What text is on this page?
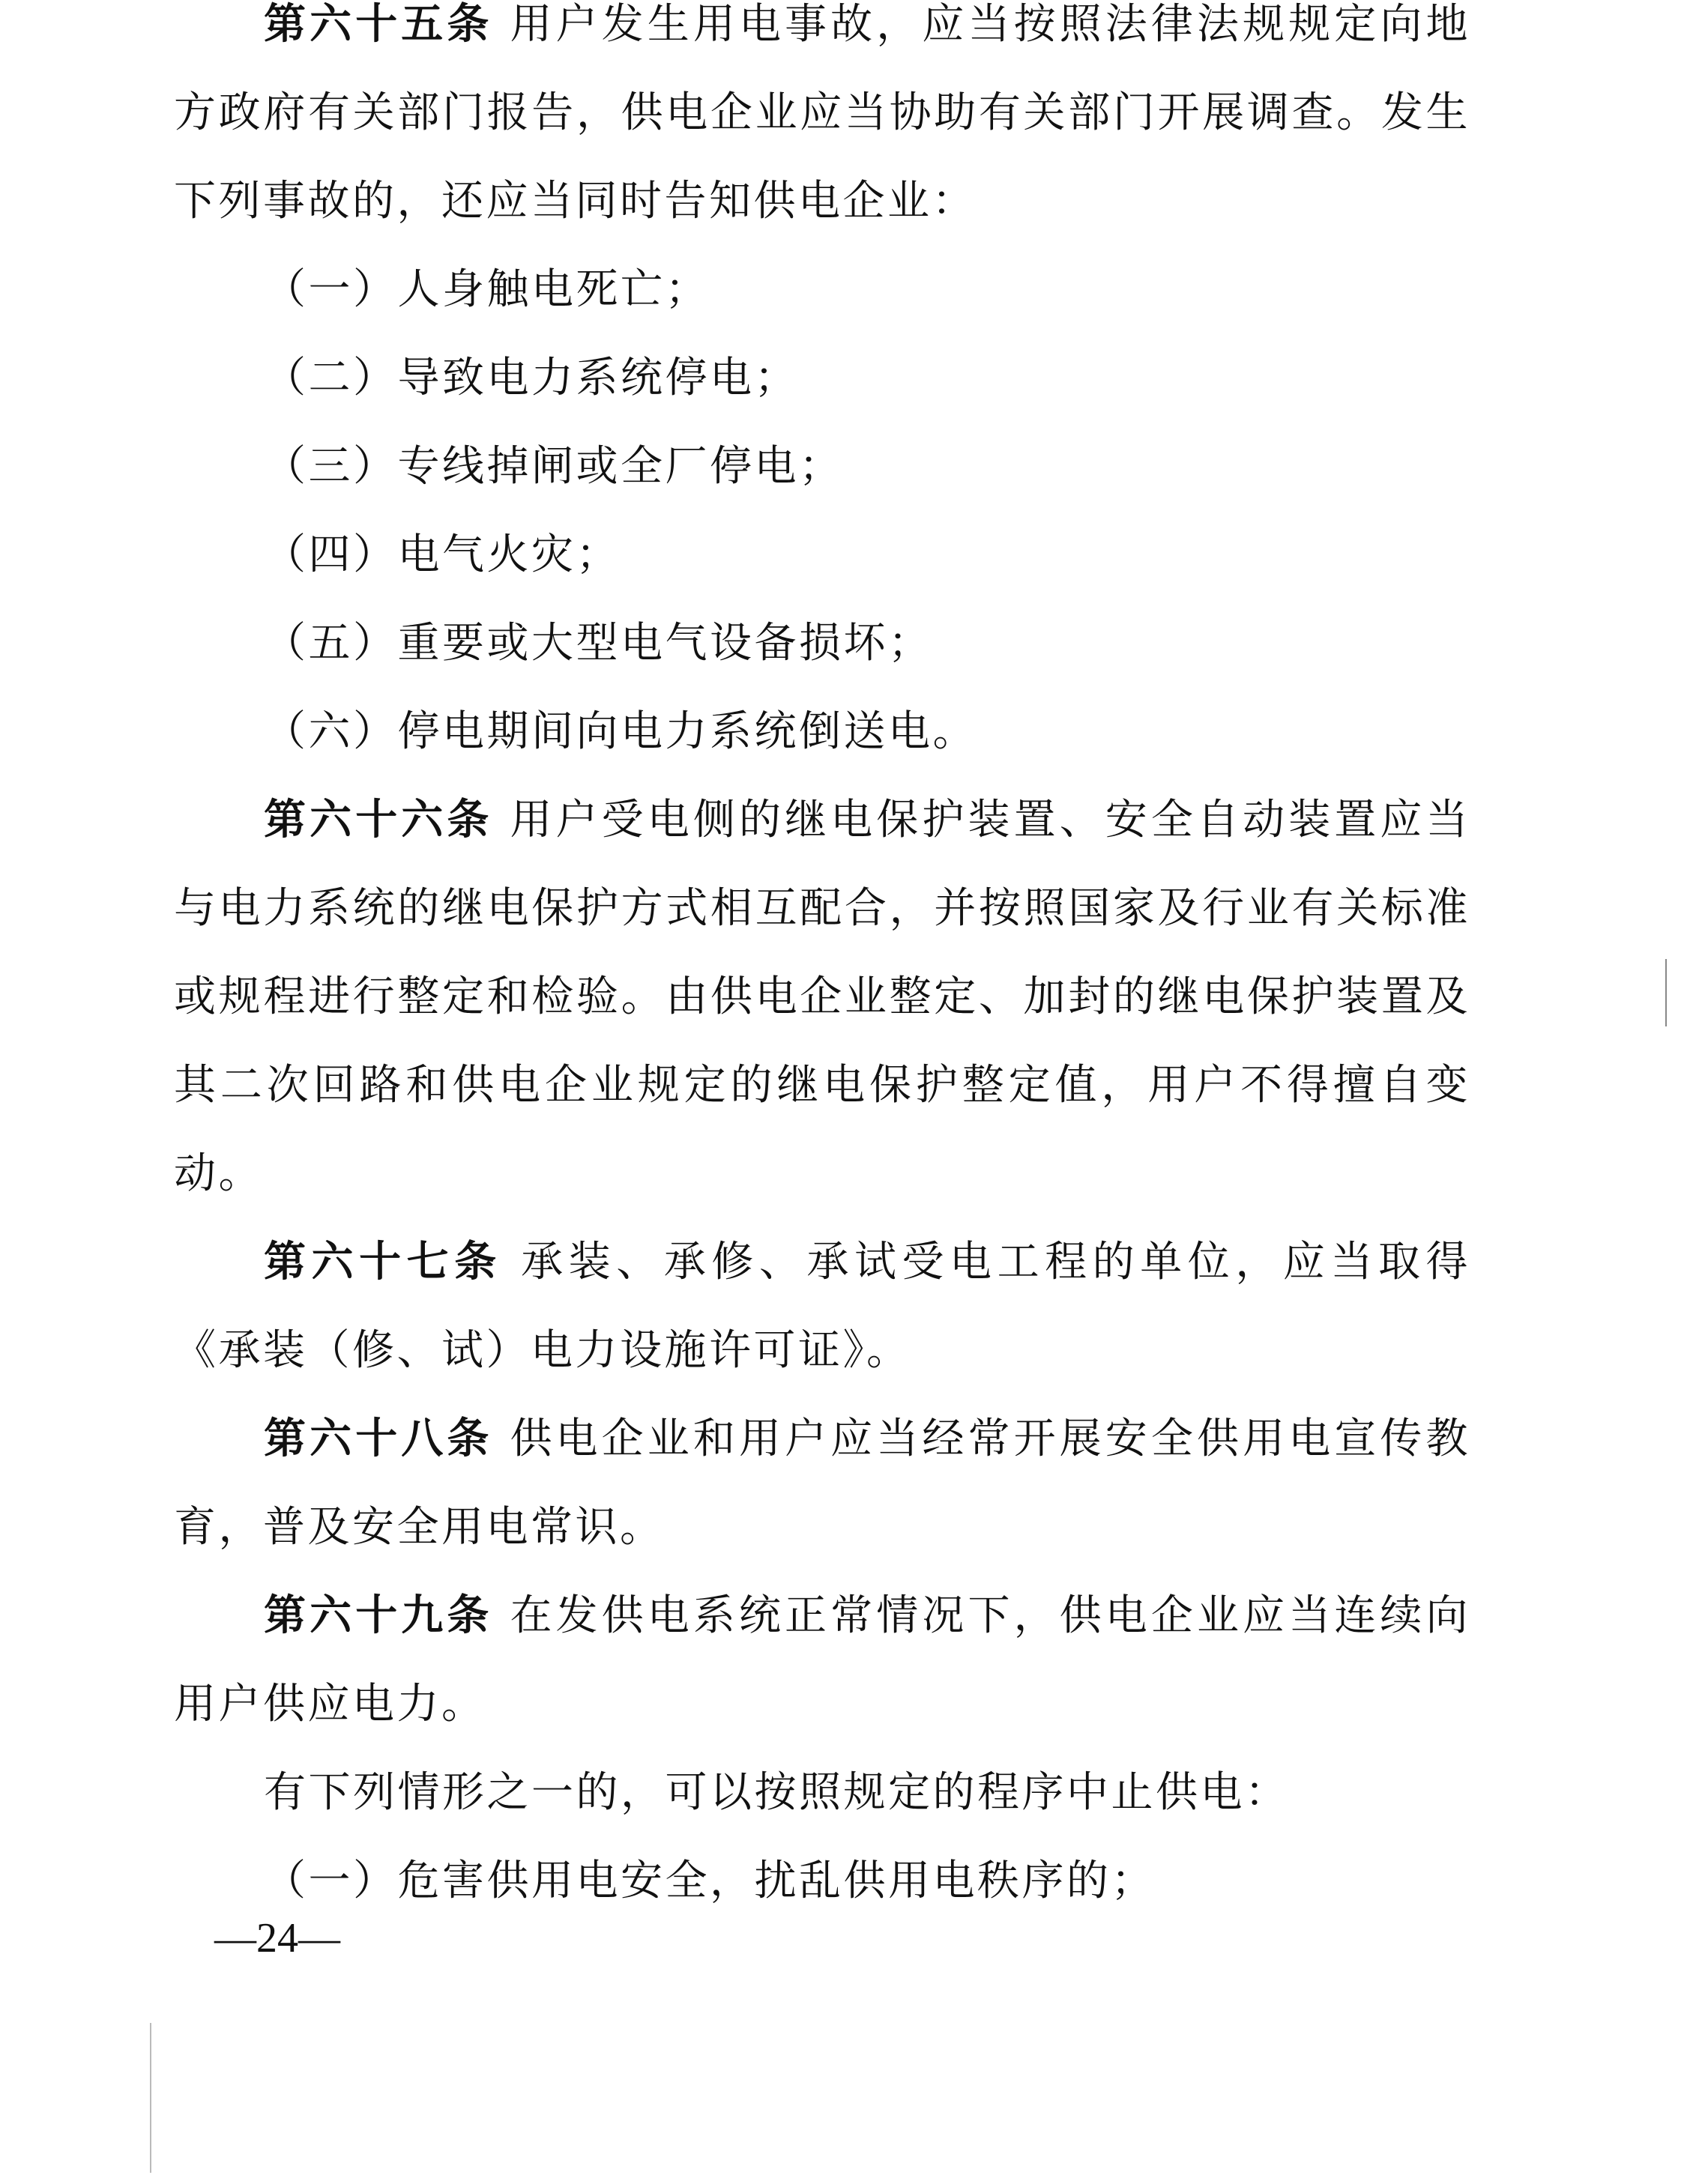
第六十五条 用户发生用电事故，应当按照法律法规规定向地方政府有关部门报告，供电企业应当协助有关部门开展调查。发生下列事故的，还应当同时告知供电企业：

（一）人身触电死亡；

（二）导致电力系统停电；

（三）专线掉闸或全厂停电；

（四）电气火灾；

（五）重要或大型电气设备损坏；

（六）停电期间向电力系统倒送电。

第六十六条 用户受电侧的继电保护装置、安全自动装置应当与电力系统的继电保护方式相互配合，并按照国家及行业有关标准或规程进行整定和检验。由供电企业整定、加封的继电保护装置及其二次回路和供电企业规定的继电保护整定值，用户不得擅自变动。

第六十七条 承装、承修、承试受电工程的单位，应当取得《承装（修、试）电力设施许可证》。

第六十八条 供电企业和用户应当经常开展安全供用电宣传教育，普及安全用电常识。

第六十九条 在发供电系统正常情况下，供电企业应当连续向用户供应电力。

有下列情形之一的，可以按照规定的程序中止供电：

（一）危害供用电安全，扰乱供用电秩序的；

—24—
